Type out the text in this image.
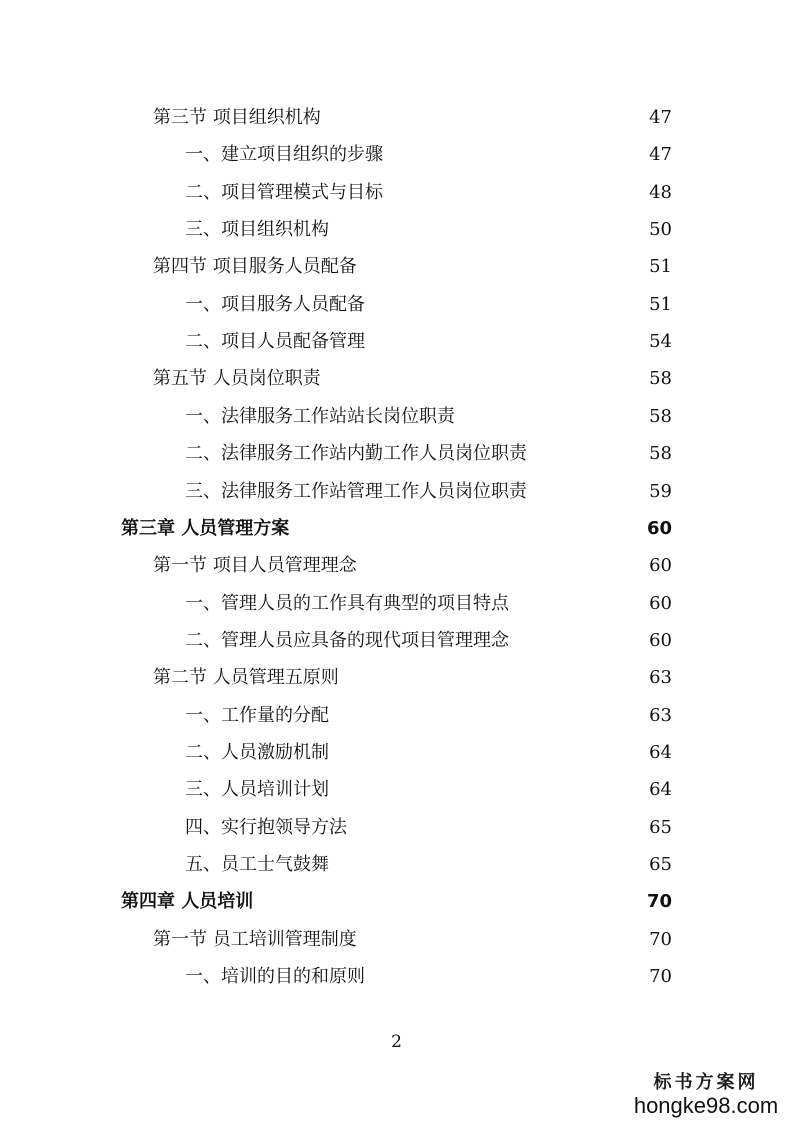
第三节 项目组织机构	47
一、建立项目组织的步骤	47
二、项目管理模式与目标	48
三、项目组织机构	50
第四节 项目服务人员配备	51
一、项目服务人员配备	51
二、项目人员配备管理	54
第五节 人员岗位职责	58
一、法律服务工作站站长岗位职责	58
二、法律服务工作站内勤工作人员岗位职责	58
三、法律服务工作站管理工作人员岗位职责	59
第三章 人员管理方案	60
第一节 项目人员管理理念	60
一、管理人员的工作具有典型的项目特点	60
二、管理人员应具备的现代项目管理理念	60
第二节 人员管理五原则	63
一、工作量的分配	63
二、人员激励机制	64
三、人员培训计划	64
四、实行抱领导方法	65
五、员工士气鼓舞	65
第四章 人员培训	70
第一节 员工培训管理制度	70
一、培训的目的和原则	70
2
标书方案网
hongke98.com
